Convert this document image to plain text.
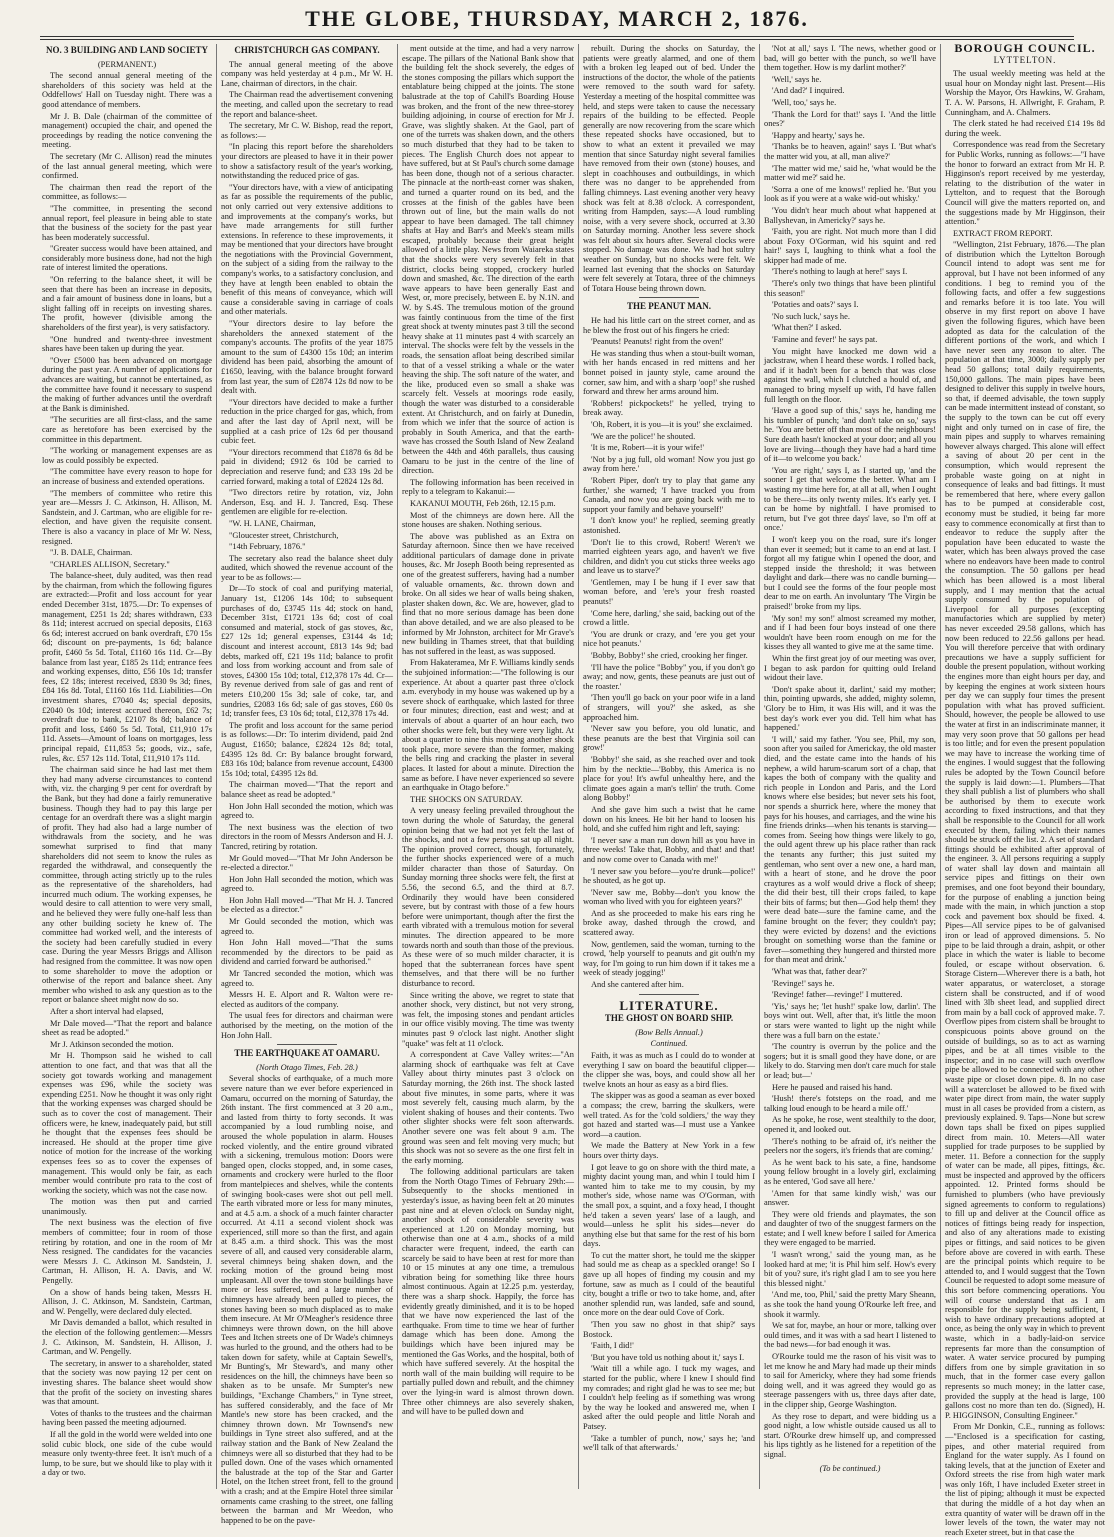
THE GLOBE, THURSDAY, MARCH 2, 1876.
NO. 3 BUILDING AND LAND SOCIETY
(PERMANENT.)

The second annual general meeting of the shareholders of this society was held at the Oddfellows' Hall on Tuesday night. There was a good attendance of members.

Mr J. B. Dale (chairman of the committee of management) occupied the chair, and opened the proceedings by reading the notice convening the meeting.

The secretary (Mr C. Allison) read the minutes of the last annual general meeting, which were confirmed.

The chairman then read the report of the committee, as follows:—

"The committee, in presenting the second annual report, feel pleasure in being able to state that the business of the society for the past year has been moderately successful.

"Greater success would have been attained, and considerably more business done, had not the high rate of interest limited the operations.

"On referring to the balance sheet, it will be seen that there has been an increase in deposits, and a fair amount of business done in loans, but a slight falling off in receipts on investing shares. The profit, however (divisible among the shareholders of the first year), is very satisfactory.

"One hundred and twenty-three investment shares have been taken up during the year.

"Over £5000 has been advanced on mortgage during the past year. A number of applications for advances are waiting, but cannot be entertained, as the committee have found it necessary to suspend the making of further advances until the overdraft at the Bank is diminished.

"The securities are all first-class, and the same care as heretofore has been exercised by the committee in this department.

"The working or management expenses are as low as could possibly be expected.

"The committee have every reason to hope for an increase of business and extended operations.

"The members of committee who retire this year are—Messrs J. C. Atkinson, H. Allison, M. Sandstein, and J. Cartman, who are eligible for re-election, and have given the requisite consent. There is also a vacancy in place of Mr W. Ness, resigned.

"J. B. DALE, Chairman.

"CHARLES ALLISON, Secretary."

The balance-sheet, duly audited, was then read by the chairman, from which the following figures are extracted:—Profit and loss account for year ended December 31st, 1875.—Dr: To expenses of management, £251 1s 2d; shares withdrawn, £33 8s 11d; interest accrued on special deposits, £163 6s 6d; interest accrued on bank overdraft, £70 15s 6d; discount on pre-payments, 1s 6d; balance profit, £460 5s 5d. Total, £1160 16s 11d. Cr—By balance from last year, £185 2s 11d; entrance fees and working expenses, ditto, £56 10s 1d; transfer fees, £2 18s; interest received, £830 9s 3d; fines, £84 16s 8d. Total, £1160 16s 11d. Liabilities—On investment shares, £7040 4s; special deposits, £2040 0s 10d; interest accrued thereon, £62 7s; overdraft due to bank, £2107 8s 8d; balance of profit and loss, £460 5s 5d. Total, £11,910 17s 11d. Assets—Amount of loans on mortgages, less principal repaid, £11,853 5s; goods, viz., safe, rules, &c. £57 12s 11d. Total, £11,910 17s 11d.

The chairman said since he had last met them they had many adverse circumstances to contend with, viz. the charging 9 per cent for overdraft by the Bank, but they had done a fairly remunerative business. Though they had to pay this large per centage for an overdraft there was a slight margin of profit. They had also had a large number of withdrawals from the society, and he was somewhat surprised to find that many shareholders did not seem to know the rules as regarded the withdrawal, and consequently the committee, through acting strictly up to the rules as the representative of the shareholders, had incurred much odium. The working expenses, he would desire to call attention to were very small, and he believed they were fully one-half less than any other building society he knew of. The committee had worked well, and the interests of the society had been carefully studied in every case. During the year Messrs Briggs and Allison had resigned from the committee. It was now open to some shareholder to move the adoption or otherwise of the report and balance sheet. Any member who wished to ask any question as to the report or balance sheet might now do so.

After a short interval had elapsed,

Mr Dale moved—"That the report and balance sheet as read be adopted."

Mr J. Atkinson seconded the motion.

Mr H. Thompson said he wished to call attention to one fact, and that was that all the society got towards working and management expenses was £96, while the society was expending £251. Now he thought it was only right that the working expenses was charged should be such as to cover the cost of management. Their officers were, he knew, inadequately paid, but still he thought that the expenses fees should be increased. He should at the proper time give notice of motion for the increase of the working expenses fees so as to cover the expenses of management. This would only be fair, as each member would contribute pro rata to the cost of working the society, which was not the case now.

The motion was then put and carried unanimously.

The next business was the election of five members of committee; four in room of those retiring by rotation, and one in the room of Mr Ness resigned. The candidates for the vacancies were Messrs J. C. Atkinson M. Sandstein, J. Cartman, H. Allison, H. A. Davis, and W. Pengelly.

On a show of hands being taken, Messrs H. Allison, J. C. Atkinson, M. Sandstein, Cartman, and W. Pengelly, were declared duly elected.

Mr Davis demanded a ballot, which resulted in the election of the following gentlemen:—Messrs J. C. Atkinson, M. Sandstein, H. Allison, J. Cartman, and W. Pengelly.

The secretary, in answer to a shareholder, stated that the society was now paying 12 per cent on investing shares. The balance sheet would show that the profit of the society on investing shares was that amount.

Votes of thanks to the trustees and the chairman having been passed the meeting adjourned.

If all the gold in the world were welded into one solid cubic block, one side of the cube would measure only twenty-three feet. It isn't much of a lump, to be sure, but we should like to play with it a day or two.

CHRISTCHURCH GAS COMPANY.

The annual general meeting of the above company was held yesterday at 4 p.m., Mr W. H. Lane, chairman of directors, in the chair.

The Chairman read the advertisement convening the meeting, and called upon the secretary to read the report and balance-sheet.

The secretary, Mr C. W. Bishop, read the report, as follows:—

"In placing this report before the shareholders your directors are pleased to have it in their power to show a satisfactory result of the year's working, notwithstanding the reduced price of gas.

"Your directors have, with a view of anticipating as far as possible the requirements of the public, not only carried out very extensive additions to and improvements at the company's works, but have made arrangements for still further extensions. In reference to these improvements, it may be mentioned that your directors have brought the negotiations with the Provincial Government, on the subject of a siding from the railway to the company's works, to a satisfactory conclusion, and they have at length been enabled to obtain the benefit of this means of conveyance, which will cause a considerable saving in carriage of coals and other materials.

"Your directors desire to lay before the shareholders the annexed statement of the company's accounts. The profits of the year 1875 amount to the sum of £4300 15s 10d; an interim dividend has been paid, absorbing the amount of £1650, leaving, with the balance brought forward from last year, the sum of £2874 12s 8d now to be dealt with.

"Your directors have decided to make a further reduction in the price charged for gas, which, from and after the last day of April next, will be supplied at a cash price of 12s 6d per thousand cubic feet.

"Your directors recommend that £1878 6s 8d be paid in dividend; £912 6s 10d be carried to depreciation and reserve fund; and £33 19s 2d be carried forward, making a total of £2824 12s 8d.

"Two directors retire by rotation, viz, John Anderson, Esq. and H. J. Tancred, Esq. These gentlemen are eligible for re-election.

"W. H. LANE, Chairman,

"Gloucester street, Christchurch,

"14th February, 1876."

The secretary also read the balance sheet duly audited, which showed the revenue account of the year to be as follows:—

Dr—To stock of coal and purifying material, January 1st, £1206 14s 10d; to subsequent purchases of do, £3745 11s 4d; stock on hand, December 31st, £1721 13s 6d; cost of coal consumed and material, stock of gas stoves, &c, £27 12s 1d; general expenses, £3144 4s 1d; discount and interest account, £813 14s 9d; bad debts, marked off, £21 19s 11d; balance to profit and loss from working account and from sale of stoves, £4300 15s 10d; total, £12,378 17s 4d. Cr—By revenue derived from sale of gas and rent of meters £10,200 15s 3d; sale of coke, tar, and sundries, £2083 16s 6d; sale of gas stoves, £60 0s 1d; transfer fees, £3 10s 6d; total, £12,378 17s 4d.

The profit and loss account for the same period is as follows:—Dr: To interim dividend, paid 2nd August, £1650; balance, £2824 12s 8d; total, £4395 12s 8d. Cr: By balance brought forward, £83 16s 10d; balance from revenue account, £4300 15s 10d; total, £4395 12s 8d.

The chairman moved—"That the report and balance sheet as read be adopted."

Hon John Hall seconded the motion, which was agreed to.

The next business was the election of two directors in the room of Messrs Anderson and H. J. Tancred, retiring by rotation.

Mr Gould moved—"That Mr John Anderson be re-elected a director."

Hon John Hall seconded the motion, which was agreed to.

Hon John Hall moved—"That Mr H. J. Tancred be elected as a director."

Mr Gould seconded the motion, which was agreed to.

Hon John Hall moved—"That the sums recommended by the directors to be paid as dividend and carried forward be authorised."

Mr Tancred seconded the motion, which was agreed to.

Messrs H. E. Alport and R. Walton were re-elected as auditors of the company.

The usual fees for directors and chairman were authorised by the meeting, on the motion of the Hon John Hall.

THE EARTHQUAKE AT OAMARU.
(North Otago Times, Feb. 28.)

Several shocks of earthquake, of a much more severe nature than we ever before experienced in Oamaru, occurred on the morning of Saturday, the 26th instant. The first commenced at 3 20 a.m., and lasted from thirty to forty seconds. It was accompanied by a loud rumbling noise, and aroused the whole population in alarm. Houses rocked violently, and the entire ground vibrated with a sickening, tremulous motion: Doors were banged open, clocks stopped, and, in some cases, ornaments and crockery were hurled to the floor from mantelpieces and shelves, while the contents of swinging book-cases were shot out pell mell. The earth vibrated more or less for many minutes, and at 4.5 a.m. a shock of a much fainter character occurred. At 4.11 a second violent shock was experienced, still more so than the first, and again at 8.45 a.m. a third shock. This was the most severe of all, and caused very considerable alarm, several chimneys being shaken down, and the rocking motion of the ground being most unpleasant. All over the town stone buildings have more or less suffered, and a large number of chimneys have already been pulled to pieces, the stones having been so much displaced as to make them insecure. At Mr O'Meagher's residence three chimneys were thrown down, on the hill above Tees and Itchen streets one of Dr Wade's chimneys was hurled to the ground, and the others had to be taken down for safety, while at Captain Sewell's, Mr Bunting's, Mr Steward's, and many other residences on the hill, the chimneys have been so shaken as to be unsafe. Mr Sumpter's new buildings, "Exchange Chambers," in Tyne street, has suffered considerably, and the face of Mr Mantle's new store has been cracked, and the chimney thrown down. Mr Townsend's new buildings in Tyne street also suffered, and at the railway station and the Bank of New Zealand the chimneys were all so disturbed that they had to be pulled down. One of the vases which ornamented the balustrade at the top of the Star and Garter Hotel, on the Itchen street front, fell to the ground with a crash; and at the Empire Hotel three similar ornaments came crashing to the street, one falling between the barman and Mr Weedon, who happened to be on the pave-

ment outside at the time, and had a very narrow escape. The pillars of the National Bank show that the building felt the shock severely, the edges of the stones composing the pillars which support the entablature being chipped at the joints. The stone balustrade at the top of Cahill's Boarding House was broken, and the front of the new three-storey building adjoining, in course of erection for Mr J. Grave, was slightly shaken. At the Gaol, part of one of the turrets was shaken down, and the others so much disturbed that they had to be taken to pieces. The English Church does not appear to have suffered, but at St Paul's church some damage has been done, though not of a serious character. The pinnacle at the north-east corner was shaken, and turned a quarter round on its bed, and the crosses at the finish of the gables have been thrown out of line, but the main walls do not appear to have been damaged. The tall chimney shafts at Hay and Barr's and Meek's steam mills escaped, probably because their great height allowed of a little play. News from Waiareka states that the shocks were very severely felt in that district, clocks being stopped, crockery hurled down and smashed, &c. The direction of the earth wave appears to have been generally East and West, or, more precisely, between E. by N.1N. and W. by S.4S. The tremulous motion of the ground was faintly continuous from the time of the first great shock at twenty minutes past 3 till the second heavy shake at 11 minutes past 4 with scarcely an interval. The shocks were felt by the vessels in the roads, the sensation afloat being described similar to that of a vessel striking a whale or the water heaving the ship. The soft nature of the water, and the like, produced even so small a shake was scarcely felt. Vessels at moorings rode easily, though the water was disturbed to a considerable extent. At Christchurch, and on fairly at Dunedin, from which we infer that the source of action is probably in South America, and that the earth-wave has crossed the South Island of New Zealand between the 44th and 46th parallels, thus causing Oamaru to be just in the centre of the line of direction.

The following information has been received in reply to a telegram to Kakanui:—

KAKANUI MOUTH, Feb 26th, 12.15 p.m.

Most of the chimneys are down here. All the stone houses are shaken. Nothing serious.

The above was published as an Extra on Saturday afternoon. Since then we have received additional particulars of damage done in private houses, &c. Mr Joseph Booth being represented as one of the greatest sufferers, having had a number of valuable ornaments, &c. thrown down and broke. On all sides we hear of walls being shaken, plaster shaken down, &c. We are, however, glad to find that no more serious damage has been done than above detailed, and we are also pleased to be informed by Mr Johnston, architect for Mr Grave's new building in Thames street, that that building has not suffered in the least, as was supposed.

From Hakateramea, Mr F. Williams kindly sends the subjoined information:—"The following is our experience. At about a quarter past three o'clock a.m. everybody in my house was wakened up by a severe shock of earthquake, which lasted for three or four minutes; direction, east and west; and at intervals of about a quarter of an hour each, two other shocks were felt, but they were very light. At about a quarter to nine this morning another shock took place, more severe than the former, making the bells ring and cracking the plaster in several places. It lasted for about a minute. Direction the same as before. I have never experienced so severe an earthquake in Otago before."

THE SHOCKS ON SATURDAY.

A very uneasy feeling prevailed throughout the town during the whole of Saturday, the general opinion being that we had not yet felt the last of the shocks, and not a few persons sat up all night. The opinion proved correct, though, fortunately, the further shocks experienced were of a much milder character than those of Saturday. On Sunday morning three shocks were felt, the first at 5.56, the second 6.5, and the third at 8.7. Ordinarily they would have been considered severe, but by contrast with those of a few hours before were unimportant, though after the first the earth vibrated with a tremulous motion for several minutes. The direction appeared to be more towards north and south than those of the previous. As these were of so much milder character, it is hoped that the subterranean forces have spent themselves, and that there will be no further disturbance to record.

Since writing the above, we regret to state that another shock, very distinct, but not very strong, was felt, the imposing stones and pendant articles in our office visibly moving. The time was twenty minutes past 9 o'clock last night. Another slight "quake" was felt at 11 o'clock.

A correspondent at Cave Valley writes:—"An alarming shock of earthquake was felt at Cave Valley about thirty minutes past 3 o'clock on Saturday morning, the 26th inst. The shock lasted about five minutes, in some parts, where it was most severely felt, causing much alarm, by the violent shaking of houses and their contents. Two other slighter shocks were felt soon afterwards. Another severe one was felt about 9 a.m. The ground was seen and felt moving very much; but this shock was not so severe as the one first felt in the early morning.

The following additional particulars are taken from the North Otago Times of February 29th:—Subsequently to the shocks mentioned in yesterday's issue, as having been felt at 20 minutes past nine and at eleven o'clock on Sunday night, another shock of considerable severity was experienced at 1.20 on Monday morning, but otherwise than one at 4 a.m., shocks of a mild character were frequent, indeed, the earth can scarcely be said to have been at rest for more than 10 or 15 minutes at any one time, a tremulous vibration being for something like three hours almost continuous. Again at 12.25 p.m. yesterday, there was a sharp shock. Happily, the force has evidently greatly diminished, and it is to be hoped that we have now experienced the last of the earthquake. From time to time we hear of further damage which has been done. Among the buildings which have been injured may be mentioned the Gas Works, and the hospital, both of which have suffered severely. At the hospital the north wall of the main building will require to be partially pulled down and rebuilt, and the chimney over the lying-in ward is almost thrown down. Three other chimneys are also severely shaken, and will have to be pulled down and

rebuilt. During the shocks on Saturday, the patients were greatly alarmed, and one of them with a broken leg leaped out of bed. Under the instructions of the doctor, the whole of the patients were removed to the south ward for safety. Yesterday a meeting of the hospital committee was held, and steps were taken to cause the necessary repairs of the building to be effected. People generally are now recovering from the scare which these repeated shocks have occasioned, but to show to what an extent it prevailed we may mention that since Saturday night several families have removed from their own (stone) houses, and slept in coachhouses and outbuildings, in which there was no danger to be apprehended from falling chimneys. Last evening another very heavy shock was felt at 8.38 o'clock. A correspondent, writing from Hampden, says:—A loud rumbling noise, with a very severe shock, occurred at 3.30 on Saturday morning. Another less severe shock was felt about six hours after. Several clocks were stopped. No damage was done. We had hot sultry weather on Sunday, but no shocks were felt. We learned last evening that the shocks on Saturday were felt severely at Totara, three of the chimneys of Totara House being thrown down.

THE PEANUT MAN.

He had his little cart on the street corner, and as he blew the frost out of his fingers he cried:

'Peanuts! Peanuts! right from the oven!'

He was standing thus when a stout-built woman, with her hands encased in red mittens and her bonnet poised in jaunty style, came around the corner, saw him, and with a sharp 'oop!' she rushed forward and threw her arms around him.

'Robbers! pickpockets!' he yelled, trying to break away.

'Oh, Robert, it is you—it is you!' she exclaimed.

'We are the police!' he shouted.

'It is me, Robert—it is your wife!'

'Not by a jug full, old woman! Now you just go away from here.'

'Robert Piper, don't try to play that game any further,' she warned; 'I have tracked you from Canada, and now you are going back with me to support your family and behave yourself!'

'I don't know you!' he replied, seeming greatly astonished.

'Don't lie to this crowd, Robert! Weren't we married eighteen years ago, and haven't we five children, and didn't you cut sticks three weeks ago and leave us to starve?'

'Gentlemen, may I be hung if I ever saw that woman before, and 'ere's your fresh roasted peanuts!'

'Come here, darling,' she said, backing out of the crowd a little.

'You are drunk or crazy, and 'ere you get your nice hot peanuts.'

'Bobby, Bobby!' she cried, crooking her finger.

'I'll have the police "Bobby" you, if you don't go away; and now, gents, these peanuts are just out of the roaster.'

'Then you'll go back on your poor wife in a land of strangers, will you?' she asked, as she approached him.

'Never saw you before, you old lunatic, and these peanuts are the best that Virginia soil can grow!'

'Bobby!' she said, as she reached over and took him by the necktie—'Bobby, this America is no place for you! It's awful unhealthy here, and the climate goes again a man's tellin' the truth. Come along Bobby!'

And she gave him such a twist that he came down on his knees. He bit her hand to loosen his hold, and she cuffed him right and left, saying:

'I never saw a man run down hill as you have in three weeks! Take that, Bobby, and that! and that! and now come over to Canada with me!'

'I never saw you before—you're drunk—police!' he shouted, as he got up.

'Never saw me, Bobby—don't you know the woman who lived with you for eighteen years?'

And as she proceeded to make his ears ring he broke away, dashed through the crowd, and scattered away.

Now, gentlemen, said the woman, turning to the crowd, 'help yourself to peanuts and git outh'n my way, for I'm going to run him down if it takes me a week of steady jogging!'

And she cantered after him.

LITERATURE.
THE GHOST ON BOARD SHIP.
(Bow Bells Annual.)
Continued.

Faith, it was as much as I could do to wonder at everything I saw on board the beautiful clipper—the clipper she was, boys, and could show all her twelve knots an hour as easy as a bird flies.

The skipper was as good a seaman as ever boxed a compass; the crew, barring the skulkers, were well trated. As for the 'cold soldiers,' the way they got hazed and started was—I must use a Yankee word—a caution.

We made the Battery at New York in a few hours over thirty days.

I got leave to go on shore with the third mate, a mighty dacint young man, and whin I tould him I wanted him to take me to my cousin, by my mother's side, whose name was O'Gorman, with the small pox, a squint, and a foxy head, I thought he'd taken a seven years' lase of a laugh, and would—unless he split his sides—never do anything else but that same for the rest of his born days.

To cut the matter short, he tould me the skipper had sould me as cheap as a speckled orange! So I gave up all hopes of finding my cousin and my fortune, saw as much as I could of the beautiful city, bought a trifle or two to take home, and, after another splendid run, was landed, safe and sound, once more on the dear ould Cove of Cork.

'Then you saw no ghost in that ship?' says Bostock.

'Faith, I did!'

'But you have told us nothing about it,' says I.

'Wait till a while ago. I tuck my wages, and started for the public, where I knew I should find my comrades; and right glad he was to see me; but I couldn't help feeling as if something was wrong by the way he looked and answered me, when I asked after the ould people and little Norah and Patsey.

'Take a tumbler of punch, now,' says he; 'and we'll talk of that afterwards.'

'Not at all,' says I. 'The news, whether good or bad, will go better with the punch, so we'll have them together. How is my darlint mother?'

'Well,' says he.

'And dad?' I inquired.

'Well, too,' says he.

'Thank the Lord for that!' says I. 'And the little ones?'

'Happy and hearty,' says he.

'Thanks be to heaven, again!' says I. 'But what's the matter wid you, at all, man alive?'

'The matter wid me,' said he, 'what would be the matter wid me?' said he.

'Sorra a one of me knows!' replied he. 'But you look as if you were at a wake wid-out whisky.'

'You didn't hear much about what happened at Ballyshevan, in Americky?' says he.

'Faith, you are right. Not much more than I did about Foxy O'Gorman, wid his squint and red hair!' says I, laughing to think what a fool the skipper had made of me.

'There's nothing to laugh at here!' says I.

'There's only two things that have been plintiful this season!'

'Potaties and oats?' says I.

'No such luck,' says he.

'What then?' I asked.

'Famine and fever!' he says pat.

You might have knocked me down wid a jackstraw, when I heard these words. I rolled back, and if it hadn't been for a bench that was close against the wall, which I clutched a hould of, and managed to bring myself up with, I'd have fallen full length on the floor.

'Have a good sup of this,' says he, handing me his tumbler of punch; 'and don't take on so,' says he. 'You are better off than most of the neighbours! Sure death hasn't knocked at your door; and all you love are living—though they have had a hard time of it—to welcome you back.'

'You are right,' says I, as I started up, 'and the sooner I get that welcome the better. What am I wasting my time here for, at all at all, when I ought to be there—its only twenty miles. It's early yet. I can be home by nightfall. I have promised to return, but I've got three days' lave, so I'm off at once.'

I won't keep you on the road, sure it's longer than ever it seemed; but it came to an end at last. I forgot all my fatigue whin I opened the door, and stepped inside the threshold; it was between daylight and dark—there was no candle burning—but I could see the forms of the four people most dear to me on earth. An involuntary 'The Virgin be praised!' broke from my lips.

'My son! my son!' almost screamed my mother, and if I had been four boys instead of one there wouldn't have been room enough on me for the kisses they all wanted to give me at the same time.

Whin the first great joy of our meeting was over, I began to ask pardon for quitting ould Ireland widout their lave.

'Don't spake about it, darlint,' said my mother; thin, pointing upwards, she added, mighty solemn, 'Glory be to Him, it was His will, and it was the best day's work ever you did. Tell him what has happened.'

'I will,' said my father. 'You see, Phil, my son, soon after you sailed for Americkay, the old master died, and the estate came into the hands of his nephew, a wild harum-scarum sort of a chap, that kapes the both of company with the quality and rich people in London and Paris, and the Lord knows where else besides; but never sets his foot, nor spends a shurrick here, where the money that pays for his houses, and carriages, and the wine his fine friends drinks—when his tenants is starving—comes from. Seeing how things were likely to go, the ould agent threw up his place rather than rack the tenants any further; this just suited my gentleman, who sent over a new one, a hard man, with a heart of stone, and he drove the poor craytures as a wolf would drive a flock of sheep; the did their best, till their crops failed, to kape their bits of farms; but then—God help them! they were dead bate—sure the famine came, and the famine brought on the fever; they couldn't pay; they were evicted by dozens! and the evictions brought on something worse than the famine or faver—something they hungered and thirsted more for than meat and drink.'

'What was that, father dear?'

'Revinge!' says he.

'Revinge! father—revinge!' I muttered.

'Yis,' says he; 'let hush!' spake low, darlin'. The boys wint out. Well, after that, it's little the moon or stars were wanted to light up the night while there was a full barn on the estate.'

'The country is overrun by the police and the sogers; but it is small good they have done, or are likely to do. Starving men don't care much for stale or lead; but—'

Here he paused and raised his hand.

'Hush! there's fotsteps on the road, and me talking loud enough to be heard a mile off.'

As he spoke, he rose, went stealthily to the door, opened it, and looked out.

'There's nothing to be afraid of, it's neither the peelers nor the sogers, it's friends that are coming.'

As he went back to his sate, a fine, handsome young fellow brought in a lovely girl, exclaiming as he entered, 'God save all here.'

'Amen for that same kindly wish,' was our answer.

They were old friends and playmates, the son and daughter of two of the snuggest farmers on the estate; and I well knew before I sailed for America they were engaged to be married.

'I wasn't wrong,' said the young man, as he looked hard at me; 'it is Phil him self. How's every bit of you? sure, it's right glad I am to see you here this blessed night.'

'And me, too, Phil,' said the pretty Mary Sheann, as she took the hand young O'Rourke left free, and shook it warmly.

We sat for, maybe, an hour or more, talking over ould times, and it was with a sad heart I listened to the bad news—for bad enough it was.

O'Rourke tould me the rason of his visit was to let me know he and Mary had made up their minds to sail for Americky, where they had some friends doing well, and it was agreed they would go as steerage passengers with us, three days after date, in the clipper ship, George Washington.

As they rose to depart, and were bidding us a good night, a low whistle outside caused us all to start. O'Rourke drew himself up, and compressed his lips tightly as he listened for a repetition of the signal.

(To be continued.)
BOROUGH COUNCIL.
LYTTELTON.

The usual weekly meeting was held at the usual hour on Monday night last. Present—His Worship the Mayor, Ors Hawkins, W. Graham, T. A. W. Parsons, H. Allwright, F. Graham, P. Cunningham, and A. Chalmers.

The clerk stated he had received £14 19s 8d during the week.

Correspondence was read from the Secretary for Public Works, running as follows:—"I have the honor to forward an extract from Mr H. P. Higginson's report received by me yesterday, relating to the distribution of the water in Lyttelton, and to request that the Borough Council will give the matters reported on, and the suggestions made by Mr Higginson, their attention."

EXTRACT FROM REPORT.

"Wellington, 21st February, 1876.—The plan of distribution which the Lyttelton Borough Council intend to adopt was sent me for approval, but I have not been informed of any conditions. I beg to remind you of the following facts, and offer a few suggestions and remarks before it is too late. You will observe in my first report on above I have given the following figures, which have been adopted as data for the calculation of the different portions of the work, and which I have never seen any reason to alter. The population at that time, 3000; daily supply per head 50 gallons; total daily requirements, 150,000 gallons. The main pipes have been designed to deliver this supply in twelve hours, so that, if deemed advisable, the town supply can be made intermittent instead of constant, so the supply to the town can be cut off every night and only turned on in case of fire, the main pipes and supply to wharves remaining however always charged. This alone will effect a saving of about 20 per cent in the consumption, which would represent the probable waste going on at night in consequence of leaks and bad fittings. It must be remembered that here, where every gallon has to be pumped at considerable cost, economy must be studied, it being far more easy to commence economically at first than to endeavor to reduce the supply after the population have been educated to waste the water, which has been always proved the case where no endeavors have been made to control the consumption. The 50 gallons per head which has been allowed is a most liberal supply, and I may mention that the actual supply consumed by the population of Liverpool for all purposes (excepting manufactories which are supplied by meter) has never exceeded 29.58 gallons, which has now been reduced to 22.56 gallons per head. You will therefore perceive that with ordinary precautions we have a supply sufficient for double the present population, without working the engines more than eight hours per day, and by keeping the engines at work sixteen hours per day we can supply four times the present population with what has proved sufficient. Should, however, the people be allowed to use the water at first in an indiscriminate manner, it may very soon prove that 50 gallons per head is too little; and for even the present population we may have to increase the working time of the engines. I would suggest that the following rules be adopted by the Town Council before the supply is laid down:—1. Plumbers—That they shall publish a list of plumbers who shall be authorised by them to execute work according to fixed instructions, and that they shall be responsible to the Council for all work executed by them, failing which their names should be struck off the list. 2. A set of standard fittings should be exhibited after approval of the engineer. 3. All persons requiring a supply of water shall lay down and maintain all service pipes and fittings on their own premises, and one foot beyond their boundary, for the purpose of enabling a junction being made with the main, in which junction a stop cock and pavement box should be fixed. 4. Pipes—All service pipes to be of galvanised iron or lead of approved dimensions. 5. No pipe to be laid through a drain, ashpit, or other place in which the water is liable to become fouled, or escape without observation. 6. Storage Cistern—Wherever there is a bath, hot water apparatus, or watercloset, a storage cistern shall be constructed, and if of wood lined with 3lb sheet lead, and supplied direct from main by a ball cock of approved make. 7. Overflow pipes from cistern shall be brought to conspicuous points above ground on the outside of buildings, so as to act as warning pipes, and be at all times visible to the inspector; and in no case will such overflow pipe be allowed to be connected with any other waste pipe or closet down pipe. 8. In no case will a watercloset be allowed to be fixed with water pipe direct from main, the water supply must in all cases be provided from a cistern, as previously explained. 9. Taps—None but screw down taps shall be fixed on pipes supplied direct from main. 10. Meters—All water supplied for trade purposes to be supplied by meter. 11. Before a connection for the supply of water can be made, all pipes, fittings, &c. must be inspected and approved by the officers appointed. 12. Printed forms should be furnished to plumbers (who have previously signed agreements to conform to regulations) to fill up and deliver at the Council office as notices of fittings being ready for inspection, and also of any alterations made to existing pipes or fittings, and said notices to be given before above are covered in with earth. These are the principal points which require to be attended to, and I would suggest that the Town Council be requested to adopt some measure of this sort before commencing operations. You will of course understand that as I am responsible for the supply being sufficient, I wish to have ordinary precautions adopted at once, as being the only way in which to prevent waste, which in a badly-laid-on service represents far more than the consumption of water. A water service procured by pumping differs from one by simple gravitation in so much, that in the former case every gallon represents so much money; in the latter case, provided the supply at the head is large, 100 gallons cost no more than ten do. (Signed), H. P. HIGGINSON, Consulting Engineer."

From Mr Donkin, C.E., running as follows:—"Enclosed is a specification for casting, pipes, and other material required from England for the water supply. As I found on taking levels, that at the junction of Exeter and Oxford streets the rise from high water mark was only 16ft, I have included Exeter street in the list of piping; although it must be expected that during the middle of a hot day when an extra quantity of water will be drawn off in the lower levels of the town, the water may not reach Exeter street, but in that case the
